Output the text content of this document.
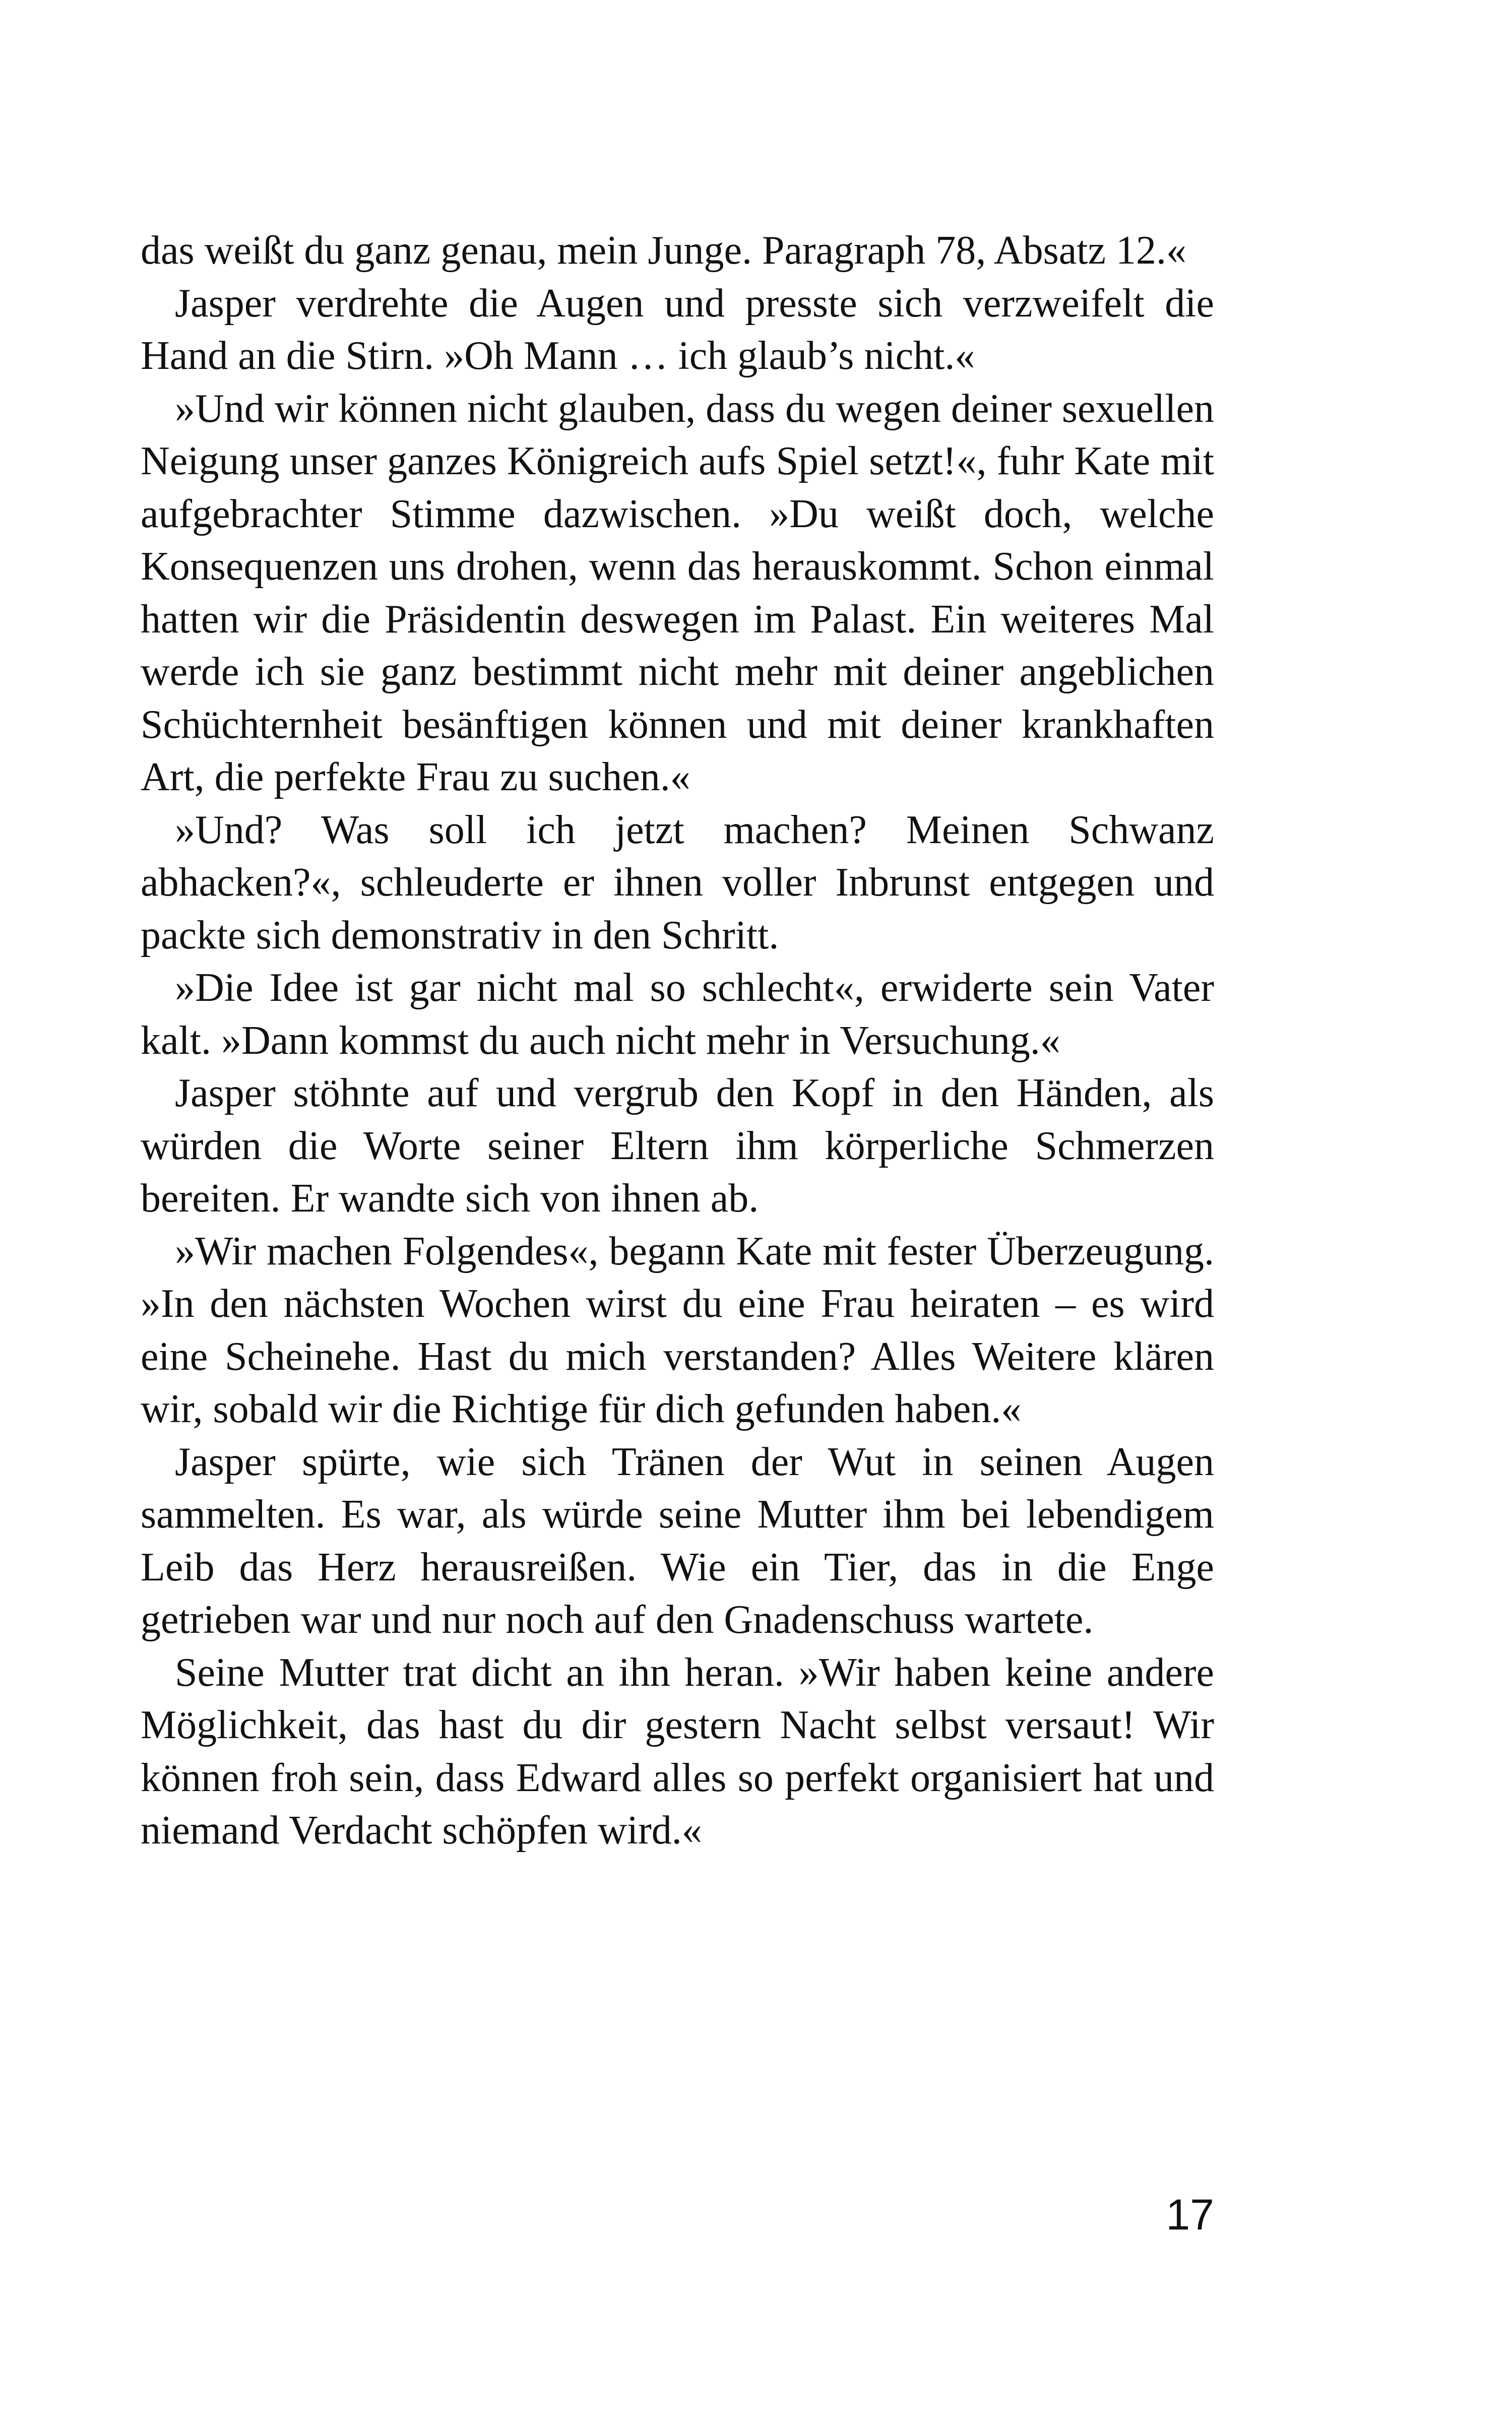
das weißt du ganz genau, mein Junge. Paragraph 78, Absatz 12.«

Jasper verdrehte die Augen und presste sich verzweifelt die Hand an die Stirn. »Oh Mann … ich glaub’s nicht.«

»Und wir können nicht glauben, dass du wegen deiner sexuellen Neigung unser ganzes Königreich aufs Spiel setzt!«, fuhr Kate mit aufgebrachter Stimme dazwischen. »Du weißt doch, welche Konsequenzen uns drohen, wenn das herauskommt. Schon einmal hatten wir die Präsidentin deswegen im Palast. Ein weiteres Mal werde ich sie ganz bestimmt nicht mehr mit deiner angeblichen Schüchternheit besänftigen können und mit deiner krankhaften Art, die perfekte Frau zu suchen.«

»Und? Was soll ich jetzt machen? Meinen Schwanz abhacken?«, schleuderte er ihnen voller Inbrunst entgegen und packte sich demonstrativ in den Schritt.

»Die Idee ist gar nicht mal so schlecht«, erwiderte sein Vater kalt. »Dann kommst du auch nicht mehr in Versuchung.«

Jasper stöhnte auf und vergrub den Kopf in den Händen, als würden die Worte seiner Eltern ihm körperliche Schmerzen bereiten. Er wandte sich von ihnen ab.

»Wir machen Folgendes«, begann Kate mit fester Überzeugung. »In den nächsten Wochen wirst du eine Frau heiraten – es wird eine Scheinehe. Hast du mich verstanden? Alles Weitere klären wir, sobald wir die Richtige für dich gefunden haben.«

Jasper spürte, wie sich Tränen der Wut in seinen Augen sammelten. Es war, als würde seine Mutter ihm bei lebendigem Leib das Herz herausreißen. Wie ein Tier, das in die Enge getrieben war und nur noch auf den Gnadenschuss wartete.

Seine Mutter trat dicht an ihn heran. »Wir haben keine andere Möglichkeit, das hast du dir gestern Nacht selbst versaut! Wir können froh sein, dass Edward alles so perfekt organisiert hat und niemand Verdacht schöpfen wird.«

17
